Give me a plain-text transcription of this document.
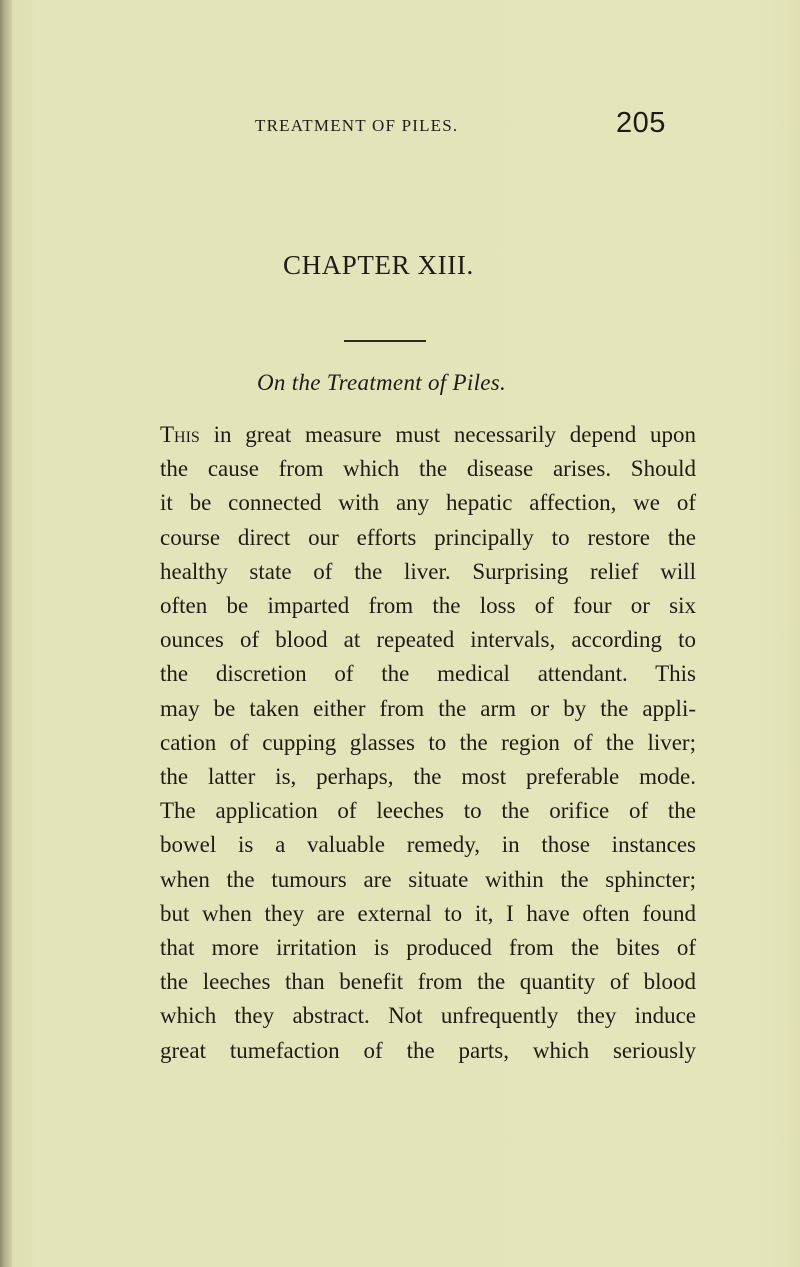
TREATMENT OF PILES.	205
CHAPTER XIII.
On the Treatment of Piles.
This in great measure must necessarily depend upon
the cause from which the disease arises. Should
it be connected with any hepatic affection, we of
course direct our efforts principally to restore the
healthy state of the liver. Surprising relief will
often be imparted from the loss of four or six
ounces of blood at repeated intervals, according to
the discretion of the medical attendant. This
may be taken either from the arm or by the appli-
cation of cupping glasses to the region of the liver;
the latter is, perhaps, the most preferable mode.
The application of leeches to the orifice of the
bowel is a valuable remedy, in those instances
when the tumours are situate within the sphincter;
but when they are external to it, I have often found
that more irritation is produced from the bites of
the leeches than benefit from the quantity of blood
which they abstract. Not unfrequently they induce
great tumefaction of the parts, which seriously
